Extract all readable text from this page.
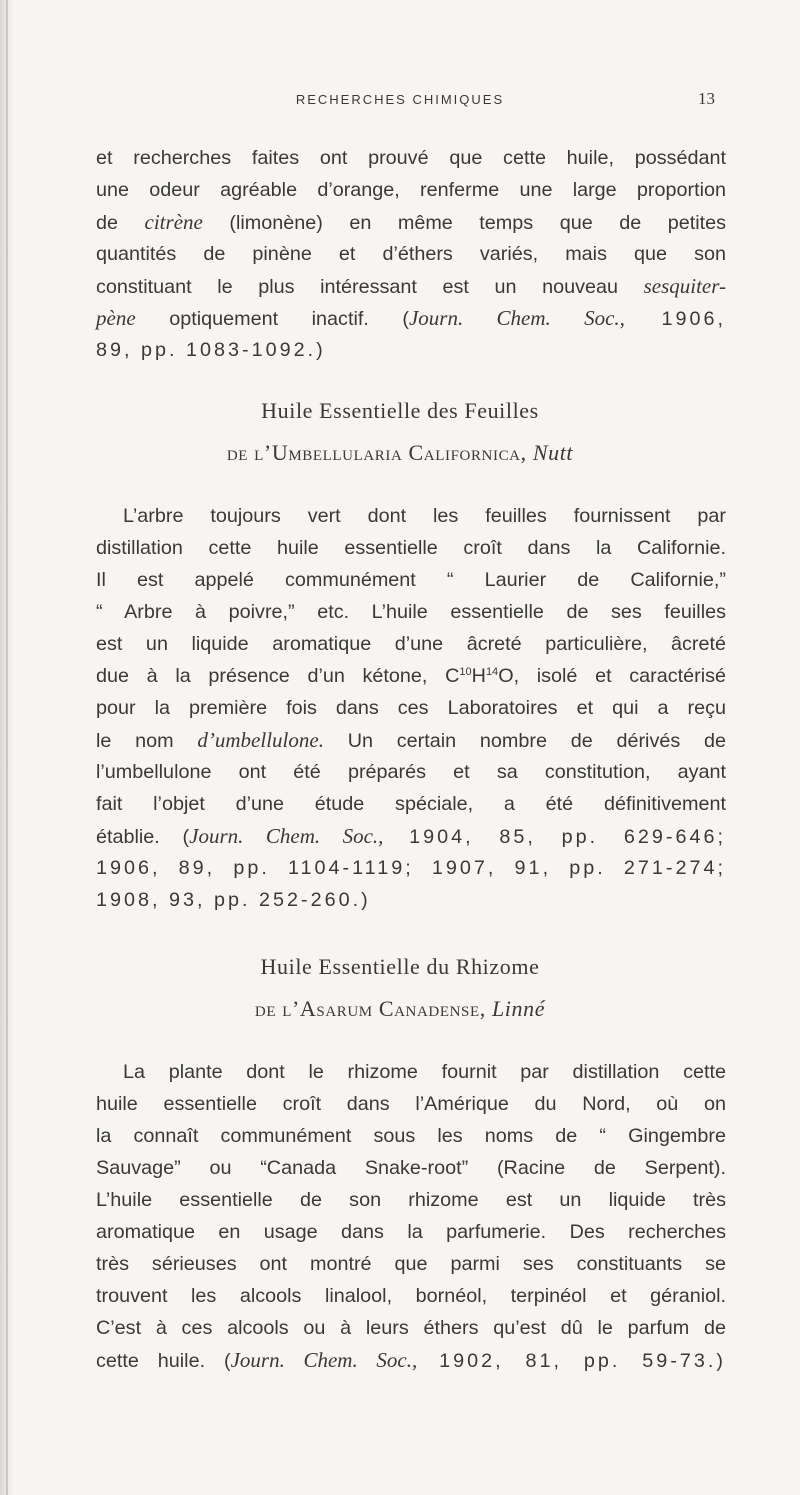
RECHERCHES CHIMIQUES	13
et recherches faites ont prouvé que cette huile, possédant
une odeur agréable d’orange, renferme une large proportion
de citrène (limonène) en même temps que de petites
quantités de pinène et d’éthers variés, mais que son
constituant le plus intéressant est un nouveau sesquiter-
pène optiquement inactif. (Journ. Chem. Soc., 1906,
89, pp. 1083-1092.)
Huile Essentielle des Feuilles
de l’Umbellularia Californica, Nutt
L’arbre toujours vert dont les feuilles fournissent par
distillation cette huile essentielle croît dans la Californie.
Il est appelé communément “ Laurier de Californie,”
“ Arbre à poivre,” etc. L’huile essentielle de ses feuilles
est un liquide aromatique d’une âcreté particulière, âcreté
due à la présence d’un kétone, $C^{10}H^{14}O$, isolé et caractérisé
pour la première fois dans ces Laboratoires et qui a reçu
le nom d’umbellulone. Un certain nombre de dérivés de
l’umbellulone ont été préparés et sa constitution, ayant
fait l’objet d’une étude spéciale, a été définitivement
établie. (Journ. Chem. Soc., 1904, 85, pp. 629-646;
1906, 89, pp. 1104-1119; 1907, 91, pp. 271-274;
1908, 93, pp. 252-260.)
Huile Essentielle du Rhizome
de l’Asarum Canadense, Linné
La plante dont le rhizome fournit par distillation cette
huile essentielle croît dans l’Amérique du Nord, où on
la connaît communément sous les noms de “ Gingembre
Sauvage” ou “Canada Snake-root” (Racine de Serpent).
L’huile essentielle de son rhizome est un liquide très
aromatique en usage dans la parfumerie. Des recherches
très sérieuses ont montré que parmi ses constituants se
trouvent les alcools linalool, bornéol, terpinéol et géraniol.
C’est à ces alcools ou à leurs éthers qu’est dû le parfum de
cette huile. (Journ. Chem. Soc., 1902, 81, pp. 59-73.)
